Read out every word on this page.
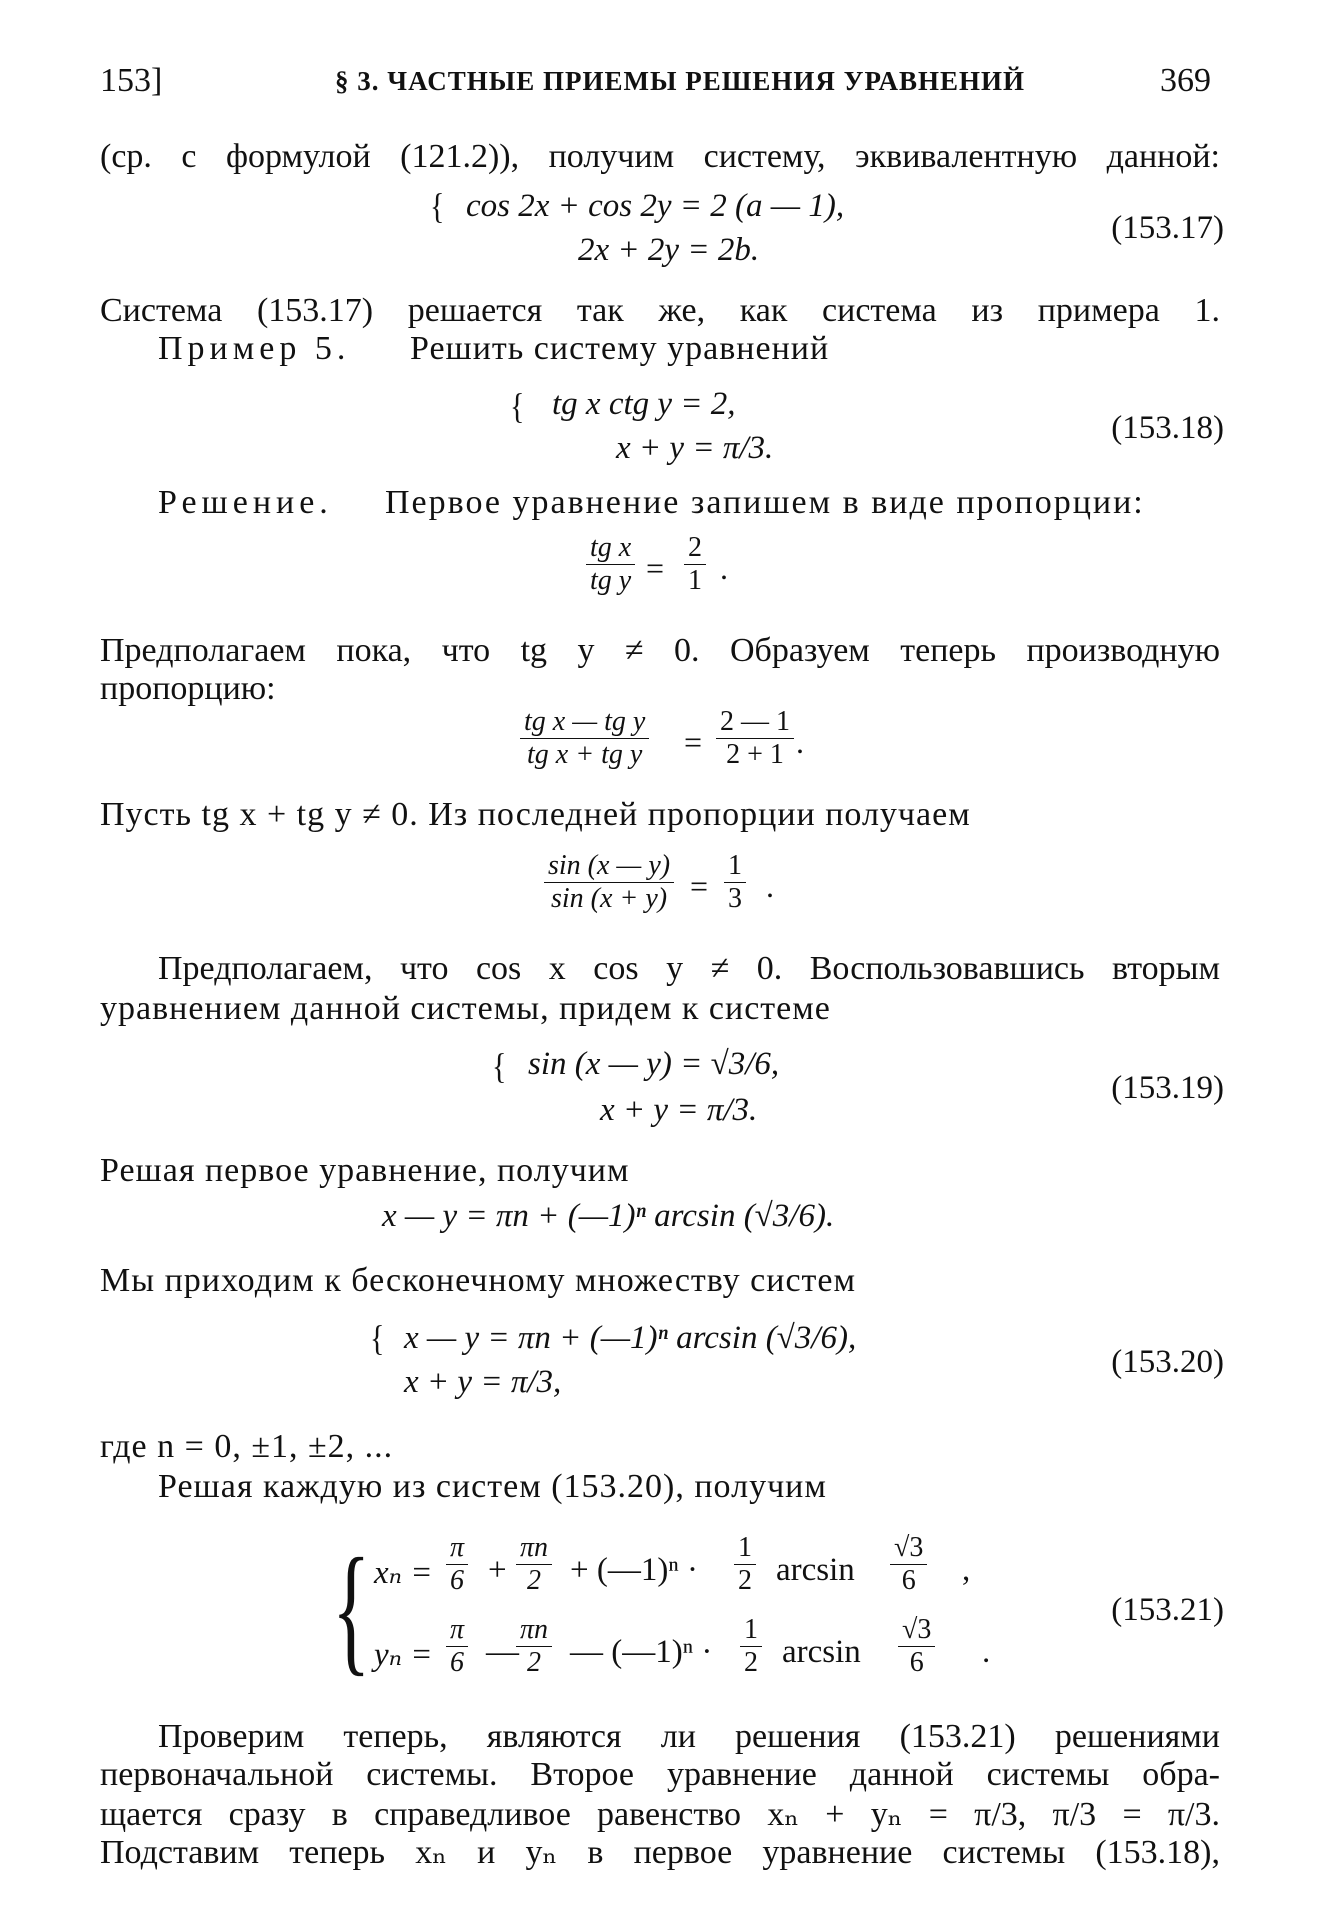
153]	§ 3. ЧАСТНЫЕ ПРИЕМЫ РЕШЕНИЯ УРАВНЕНИЙ	369
(ср. с формулой (121.2)), получим систему, эквивалентную данной:
{ cos 2x + cos 2y = 2 (a — 1),
2x + 2y = 2b.
(153.17)
Система (153.17) решается так же, как система из примера 1.
Пример 5. Решить систему уравнений
{ tg x ctg y = 2,
x + y = π/3.
(153.18)
Решение. Первое уравнение запишем в виде пропорции:
tg x
tg y =
2
1 .
Предполагаем пока, что tg y ≠ 0. Образуем теперь производную
пропорцию:
tg x — tg y
tg x + tg y =
2 — 1
2 + 1 .
Пусть tg x + tg y ≠ 0. Из последней пропорции получаем
sin (x — y)
sin (x + y) =
1
3 .
Предполагаем, что cos x cos y ≠ 0. Воспользовавшись вторым
уравнением данной системы, придем к системе
{ sin (x — y) = √3/6,
x + y = π/3.
(153.19)
Решая первое уравнение, получим
x — y = πn + (—1)ⁿ arcsin (√3/6).
Мы приходим к бесконечному множеству систем
{ x — y = πn + (—1)ⁿ arcsin (√3/6),
x + y = π/3,
(153.20)
где n = 0, ±1, ±2, ...
Решая каждую из систем (153.20), получим
{ xₙ =
π
6 +
πn
2 + (—1)ⁿ ·
1
2 arcsin
√3
6	,
yₙ =
π
6 —
πn
2 — (—1)ⁿ ·
1
2 arcsin
√3
6	.
(153.21)
Проверим теперь, являются ли решения (153.21) решениями
первоначальной системы. Второе уравнение данной системы обра-
щается сразу в справедливое равенство xₙ + yₙ = π/3, π/3 = π/3.
Подставим теперь xₙ и yₙ в первое уравнение системы (153.18),
